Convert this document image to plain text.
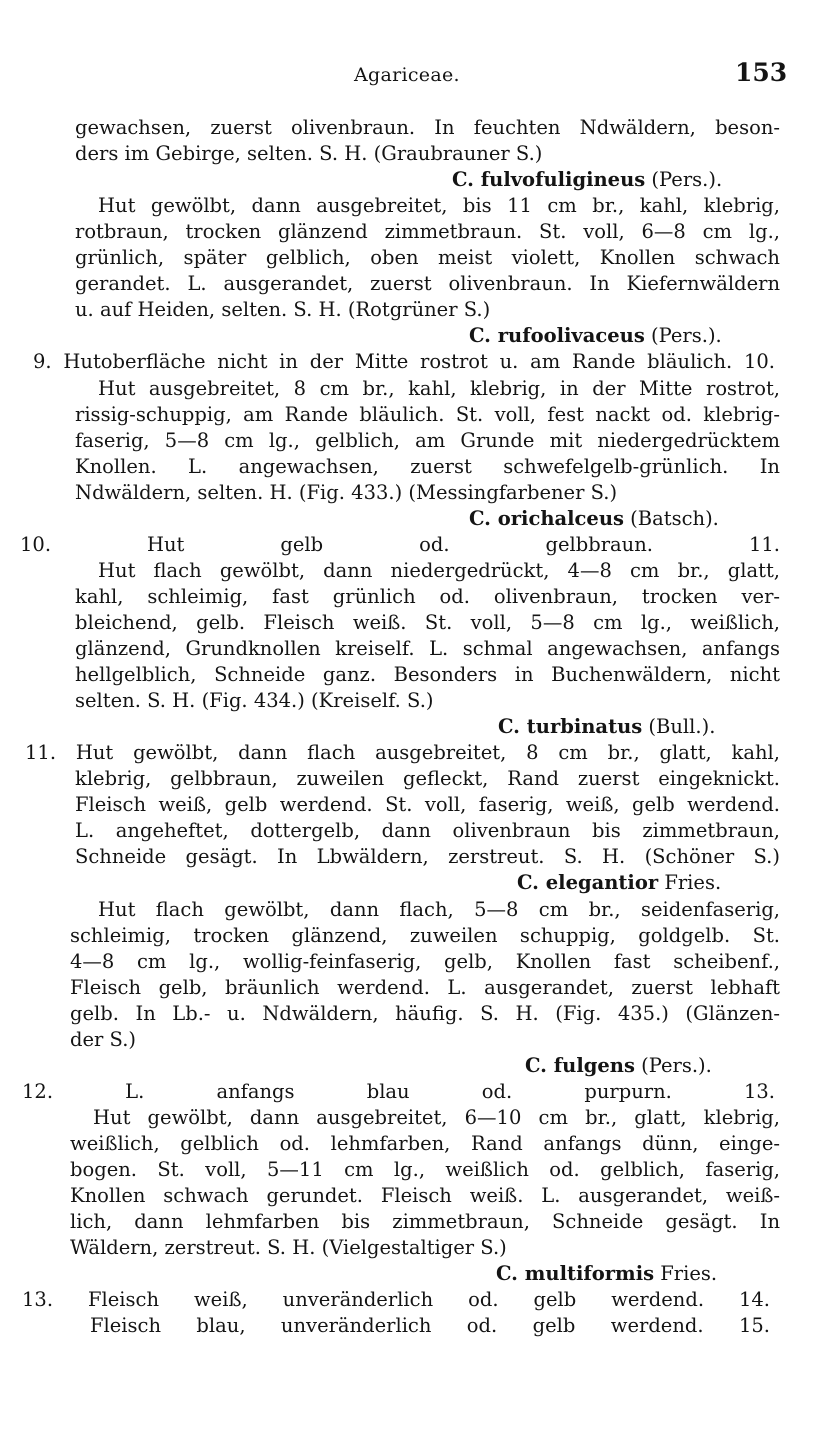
Agariceae.	153
gewachsen, zuerst olivenbraun. In feuchten Ndwäldern, beson-
ders im Gebirge, selten. S. H. (Graubrauner S.)
C. fulvofuligineus (Pers.).
Hut gewölbt, dann ausgebreitet, bis 11 cm br., kahl, klebrig,
rotbraun, trocken glänzend zimmetbraun. St. voll, 6—8 cm lg.,
grünlich, später gelblich, oben meist violett, Knollen schwach
gerandet. L. ausgerandet, zuerst olivenbraun. In Kiefernwäldern
u. auf Heiden, selten. S. H. (Rotgrüner S.)
C. rufoolivaceus (Pers.).
9. Hutoberfläche nicht in der Mitte rostrot u. am Rande bläulich. 10.
Hut ausgebreitet, 8 cm br., kahl, klebrig, in der Mitte rostrot,
rissig-schuppig, am Rande bläulich. St. voll, fest nackt od. klebrig-
faserig, 5—8 cm lg., gelblich, am Grunde mit niedergedrücktem
Knollen. L. angewachsen, zuerst schwefelgelb-grünlich. In
Ndwäldern, selten. H. (Fig. 433.) (Messingfarbener S.)
C. orichalceus (Batsch).
10. Hut gelb od. gelbbraun. 11.
Hut flach gewölbt, dann niedergedrückt, 4—8 cm br., glatt,
kahl, schleimig, fast grünlich od. olivenbraun, trocken ver-
bleichend, gelb. Fleisch weiß. St. voll, 5—8 cm lg., weißlich,
glänzend, Grundknollen kreiself. L. schmal angewachsen, anfangs
hellgelblich, Schneide ganz. Besonders in Buchenwäldern, nicht
selten. S. H. (Fig. 434.) (Kreiself. S.)
C. turbinatus (Bull.).
11. Hut gewölbt, dann flach ausgebreitet, 8 cm br., glatt, kahl,
klebrig, gelbbraun, zuweilen gefleckt, Rand zuerst eingeknickt.
Fleisch weiß, gelb werdend. St. voll, faserig, weiß, gelb werdend.
L. angeheftet, dottergelb, dann olivenbraun bis zimmetbraun,
Schneide gesägt. In Lbwäldern, zerstreut. S. H. (Schöner S.)
C. elegantior Fries.
Hut flach gewölbt, dann flach, 5—8 cm br., seidenfaserig,
schleimig, trocken glänzend, zuweilen schuppig, goldgelb. St.
4—8 cm lg., wollig-feinfaserig, gelb, Knollen fast scheibenf.,
Fleisch gelb, bräunlich werdend. L. ausgerandet, zuerst lebhaft
gelb. In Lb.- u. Ndwäldern, häufig. S. H. (Fig. 435.) (Glänzen-
der S.)
C. fulgens (Pers.).
12. L. anfangs blau od. purpurn. 13.
Hut gewölbt, dann ausgebreitet, 6—10 cm br., glatt, klebrig,
weißlich, gelblich od. lehmfarben, Rand anfangs dünn, einge-
bogen. St. voll, 5—11 cm lg., weißlich od. gelblich, faserig,
Knollen schwach gerundet. Fleisch weiß. L. ausgerandet, weiß-
lich, dann lehmfarben bis zimmetbraun, Schneide gesägt. In
Wäldern, zerstreut. S. H. (Vielgestaltiger S.)
C. multiformis Fries.
13. Fleisch weiß, unveränderlich od. gelb werdend. 14.
Fleisch blau, unveränderlich od. gelb werdend. 15.
